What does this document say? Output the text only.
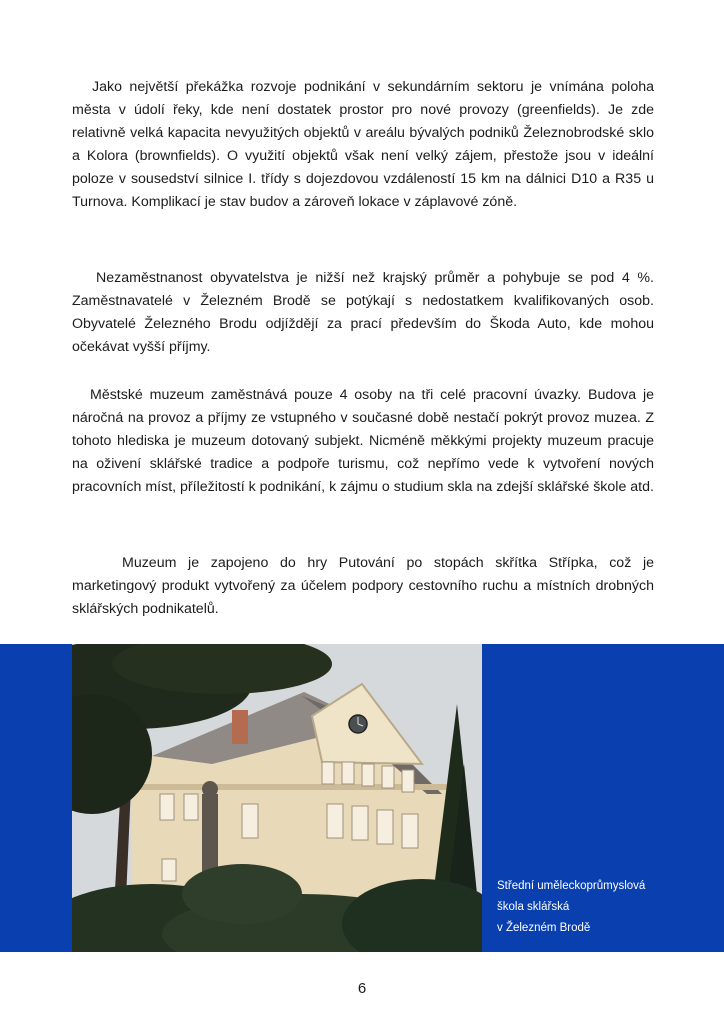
Jako největší překážka rozvoje podnikání v sekundárním sektoru je vnímána poloha města v údolí řeky, kde není dostatek prostor pro nové provozy (greenfields). Je zde relativně velká kapacita nevyužitých objektů v areálu bývalých podniků Železnobrodské sklo a Kolora (brownfields). O využití objektů však není velký zájem, přestože jsou v ideální poloze v sousedství silnice I. třídy s dojezdovou vzdáleností 15 km na dálnici D10 a R35 u Turnova. Komplikací je stav budov a zároveň lokace v záplavové zóně.

Nezaměstnanost obyvatelstva je nižší než krajský průměr a pohybuje se pod 4 %. Zaměstnavatelé v Železném Brodě se potýkají s nedostatkem kvalifikovaných osob. Obyvatelé Železného Brodu odjíždějí za prací především do Škoda Auto, kde mohou očekávat vyšší příjmy.

Městské muzeum zaměstnává pouze 4 osoby na tři celé pracovní úvazky. Budova je náročná na provoz a příjmy ze vstupného v současné době nestačí pokrýt provoz muzea. Z tohoto hlediska je muzeum dotovaný subjekt. Nicméně měkkými projekty muzeum pracuje na oživení sklářské tradice a podpoře turismu, což nepřímo vede k vytvoření nových pracovních míst, příležitostí k podnikání, k zájmu o studium skla na zdejší sklářské škole atd.

Muzeum je zapojeno do hry Putování po stopách skřítka Střípka, což je marketingový produkt vytvořený za účelem podpory cestovního ruchu a místních drobných sklářských podnikatelů.

Střední uměleckoprůmyslová
škola sklářská
v Železném Brodě
6
